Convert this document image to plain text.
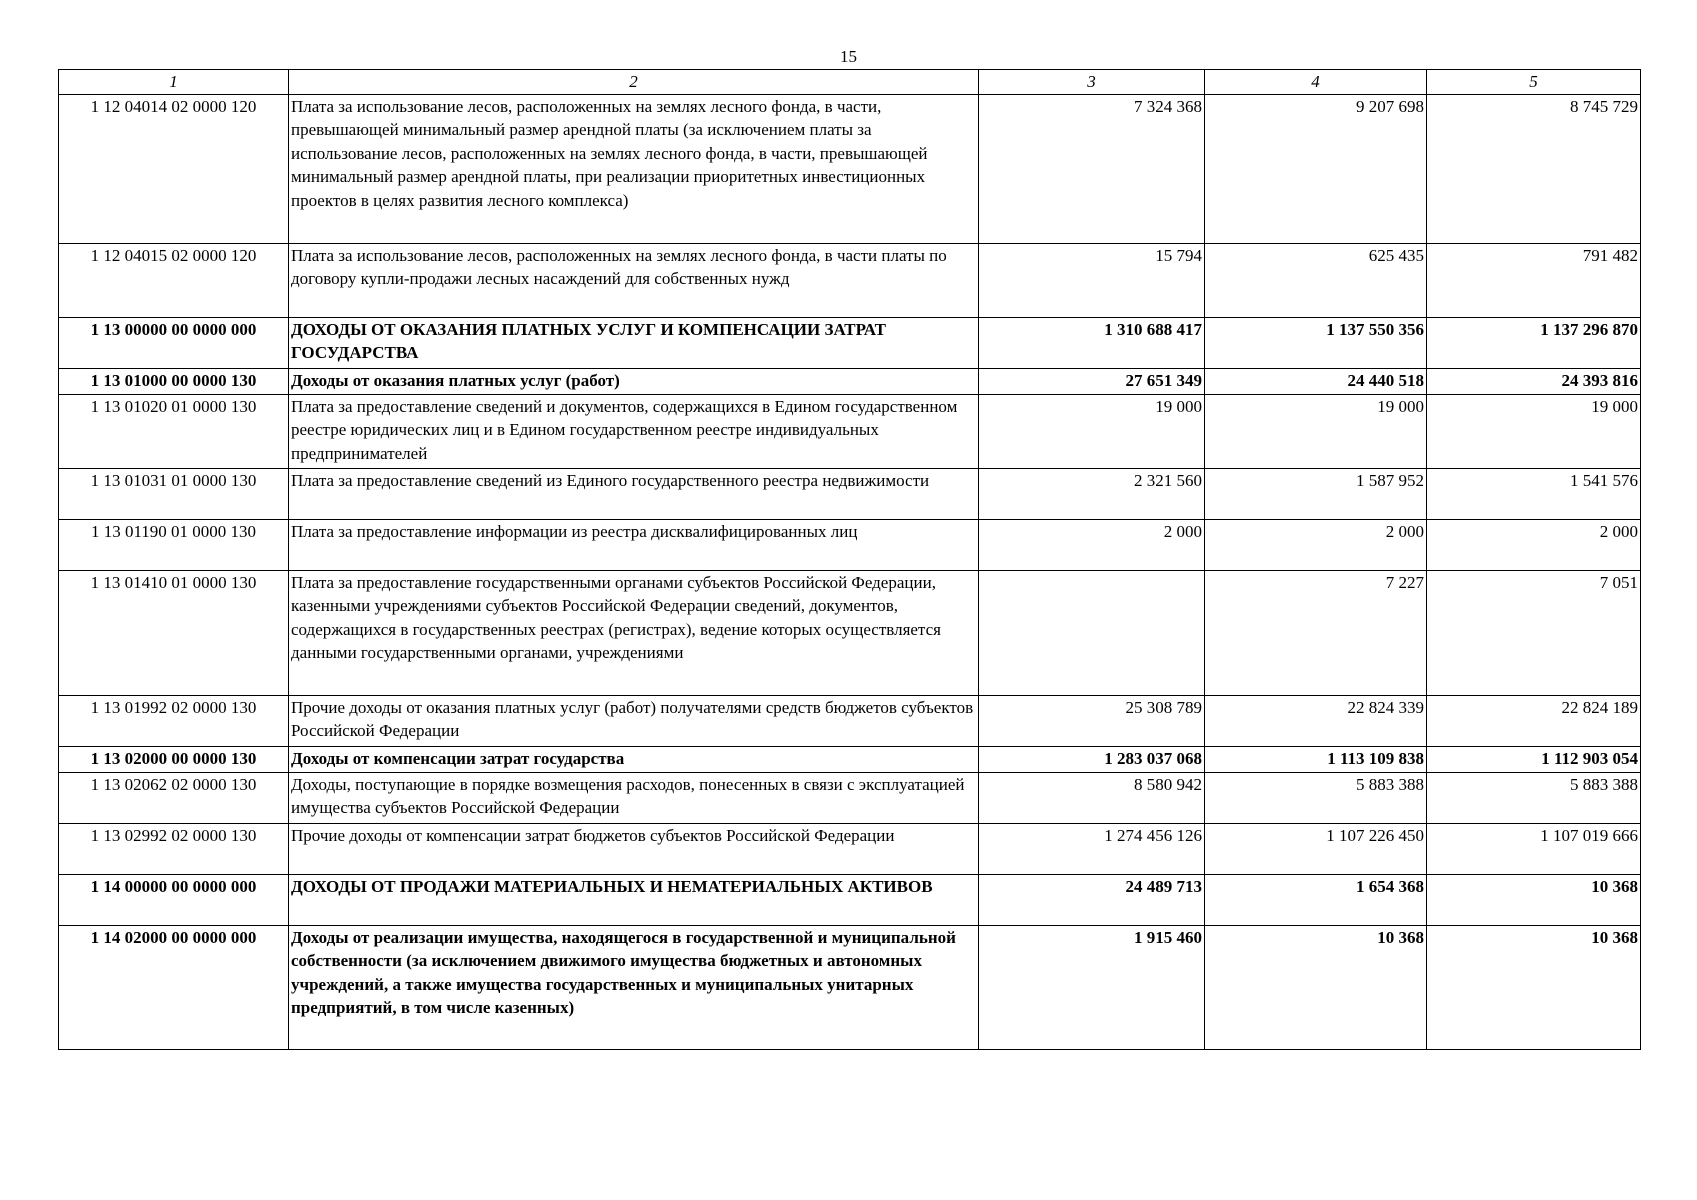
15
1	2	3	4	5
1 12 04014 02 0000 120	Плата за использование лесов, расположенных на землях лесного фонда, в части, превышающей минимальный размер арендной платы (за исключением платы за использование лесов, расположенных на землях лесного фонда, в части, превышающей минимальный размер арендной платы, при реализации приоритетных инвестиционных проектов в целях развития лесного комплекса)	7 324 368	9 207 698	8 745 729
1 12 04015 02 0000 120	Плата за использование лесов, расположенных на землях лесного фонда, в части платы по договору купли-продажи лесных насаждений для собственных нужд	15 794	625 435	791 482
1 13 00000 00 0000 000	ДОХОДЫ ОТ ОКАЗАНИЯ ПЛАТНЫХ УСЛУГ И КОМПЕНСАЦИИ ЗАТРАТ ГОСУДАРСТВА	1 310 688 417	1 137 550 356	1 137 296 870
1 13 01000 00 0000 130	Доходы от оказания платных услуг (работ)	27 651 349	24 440 518	24 393 816
1 13 01020 01 0000 130	Плата за предоставление сведений и документов, содержащихся в Едином государственном реестре юридических лиц и в Едином государственном реестре индивидуальных предпринимателей	19 000	19 000	19 000
1 13 01031 01 0000 130	Плата за предоставление сведений из Единого государственного реестра недвижимости	2 321 560	1 587 952	1 541 576
1 13 01190 01 0000 130	Плата за предоставление информации из реестра дисквалифицированных лиц	2 000	2 000	2 000
1 13 01410 01 0000 130	Плата за предоставление государственными органами субъектов Российской Федерации, казенными учреждениями субъектов Российской Федерации сведений, документов, содержащихся в государственных реестрах (регистрах), ведение которых осуществляется данными государственными органами, учреждениями		7 227	7 051
1 13 01992 02 0000 130	Прочие доходы от оказания платных услуг (работ) получателями средств бюджетов субъектов Российской Федерации	25 308 789	22 824 339	22 824 189
1 13 02000 00 0000 130	Доходы от компенсации затрат государства	1 283 037 068	1 113 109 838	1 112 903 054
1 13 02062 02 0000 130	Доходы, поступающие в порядке возмещения расходов, понесенных в связи с эксплуатацией имущества субъектов Российской Федерации	8 580 942	5 883 388	5 883 388
1 13 02992 02 0000 130	Прочие доходы от компенсации затрат бюджетов субъектов Российской Федерации	1 274 456 126	1 107 226 450	1 107 019 666
1 14 00000 00 0000 000	ДОХОДЫ ОТ ПРОДАЖИ МАТЕРИАЛЬНЫХ И НЕМАТЕРИАЛЬНЫХ АКТИВОВ	24 489 713	1 654 368	10 368
1 14 02000 00 0000 000	Доходы от реализации имущества, находящегося в государственной и муниципальной собственности (за исключением движимого имущества бюджетных и автономных учреждений, а также имущества государственных и муниципальных унитарных предприятий, в том числе казенных)	1 915 460	10 368	10 368
